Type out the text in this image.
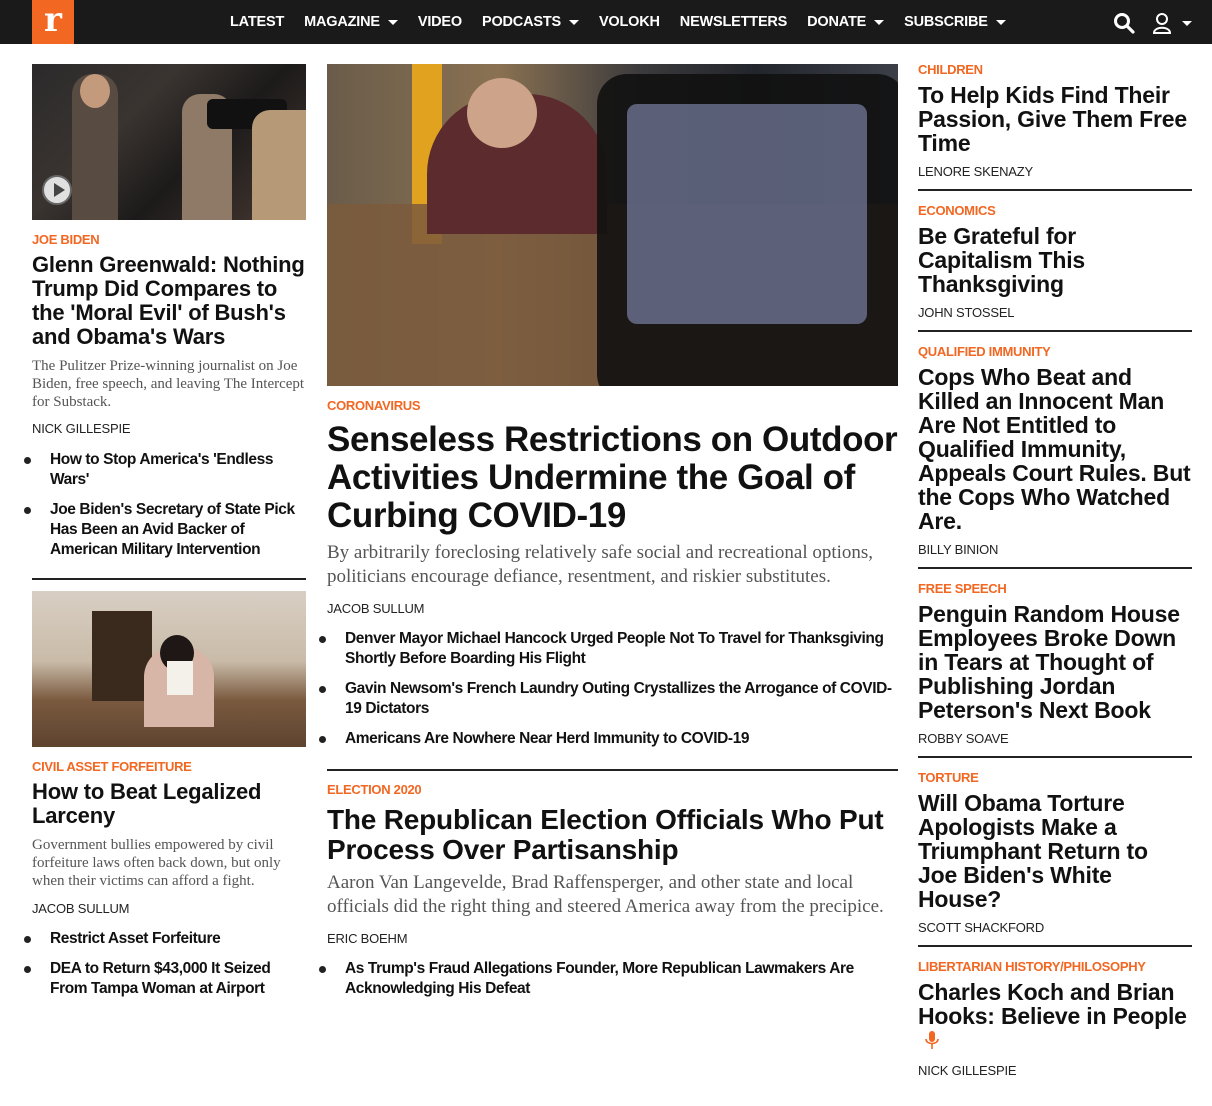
r	LATEST MAGAZINE	VIDEO PODCASTS	VOLOKH NEWSLETTERS DONATE	SUBSCRIBE
JOE BIDEN
Glenn Greenwald: Nothing Trump Did Compares to the 'Moral Evil' of Bush's and Obama's Wars
The Pulitzer Prize-winning journalist on Joe Biden, free speech, and leaving The Intercept for Substack.
NICK GILLESPIE
How to Stop America's 'Endless Wars'
Joe Biden's Secretary of State Pick Has Been an Avid Backer of American Military Intervention
CIVIL ASSET FORFEITURE
How to Beat Legalized Larceny
Government bullies empowered by civil forfeiture laws often back down, but only when their victims can afford a fight.
JACOB SULLUM
Restrict Asset Forfeiture
DEA to Return $43,000 It Seized From Tampa Woman at Airport
CORONAVIRUS
Senseless Restrictions on Outdoor Activities Undermine the Goal of Curbing COVID-19
By arbitrarily foreclosing relatively safe social and recreational options, politicians encourage defiance, resentment, and riskier substitutes.
JACOB SULLUM
Denver Mayor Michael Hancock Urged People Not To Travel for Thanksgiving Shortly Before Boarding His Flight
Gavin Newsom's French Laundry Outing Crystallizes the Arrogance of COVID-19 Dictators
Americans Are Nowhere Near Herd Immunity to COVID-19
ELECTION 2020
The Republican Election Officials Who Put Process Over Partisanship
Aaron Van Langevelde, Brad Raffensperger, and other state and local officials did the right thing and steered America away from the precipice.
ERIC BOEHM
As Trump's Fraud Allegations Founder, More Republican Lawmakers Are Acknowledging His Defeat
CHILDREN
To Help Kids Find Their Passion, Give Them Free Time
LENORE SKENAZY
ECONOMICS
Be Grateful for Capitalism This Thanksgiving
JOHN STOSSEL
QUALIFIED IMMUNITY
Cops Who Beat and Killed an Innocent Man Are Not Entitled to Qualified Immunity, Appeals Court Rules. But the Cops Who Watched Are.
BILLY BINION
FREE SPEECH
Penguin Random House Employees Broke Down in Tears at Thought of Publishing Jordan Peterson's Next Book
ROBBY SOAVE
TORTURE
Will Obama Torture Apologists Make a Triumphant Return to Joe Biden's White House?
SCOTT SHACKFORD
LIBERTARIAN HISTORY/PHILOSOPHY
Charles Koch and Brian Hooks: Believe in People
NICK GILLESPIE
